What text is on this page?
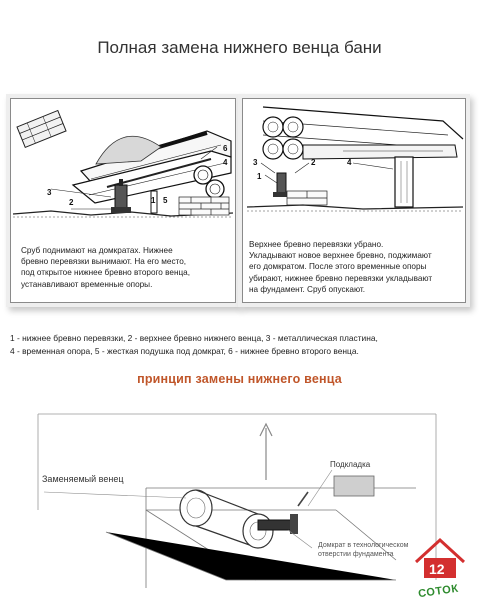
Полная замена нижнего венца бани
6
4
1
2
3
5
Сруб поднимают на домкратах. Нижнее
бревно перевязки вынимают. На его место,
под открытое нижнее бревно второго венца,
устанавливают временные опоры.
3	2	4
1
Верхнее бревно перевязки убрано.
Укладывают новое верхнее бревно, поджимают
его домкратом. После этого временные опоры
убирают, нижнее бревно перевязки укладывают
на фундамент. Сруб опускают.
1 - нижнее бревно перевязки, 2 - верхнее бревно нижнего венца, 3 - металлическая пластина,
4 - временная опора, 5 - жесткая подушка под домкрат, 6 - нижнее бревно второго венца.
принцип замены нижнего венца
Заменяемый венец
Подкладка
Домкрат в технологическом
отверстии фундамента
12
СОТОК
